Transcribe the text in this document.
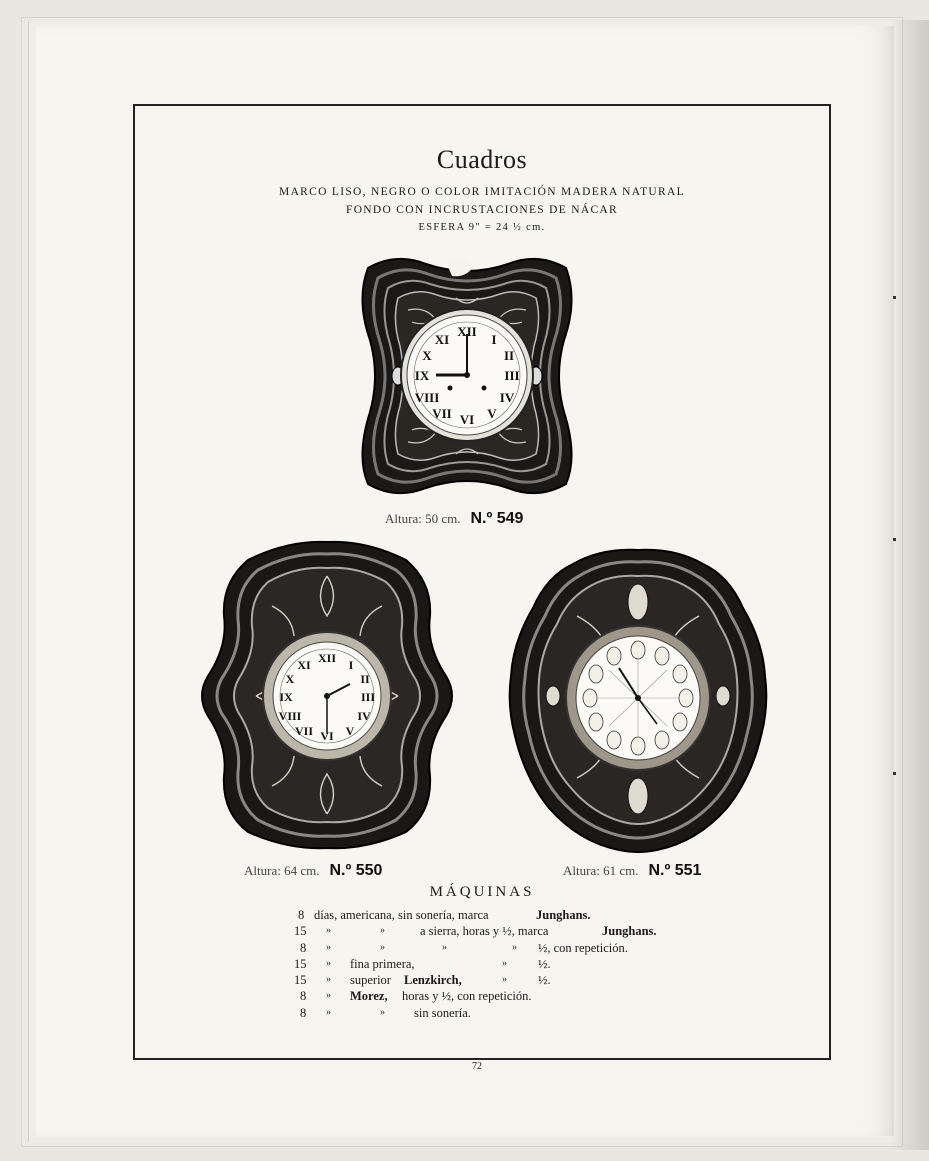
Cuadros
MARCO LISO, NEGRO O COLOR IMITACIÓN MADERA NATURAL
FONDO CON INCRUSTACIONES DE NÁCAR
ESFERA 9" = 24 ½ cm.
XII
I
II
III
IV
V
VI
VII
VIII
IX
X
XI
Altura: 50 cm. N.º 549
XII I
II
III
IV
V
VI
VII
VIII
IX
X
XI
Altura: 64 cm. N.º 550	Altura: 61 cm. N.º 551
MÁQUINAS
8 días, americana, sin sonería, marca	Junghans.
15 »	»	a sierra, horas y ½, marca	Junghans.
8 »	»	»	» ½, con repetición.
15 » fina primera,	» ½.
15 » superior Lenzkirch,	» ½.
8 » Morez, horas y ½, con repetición.
8 »	» sin sonería.
72
